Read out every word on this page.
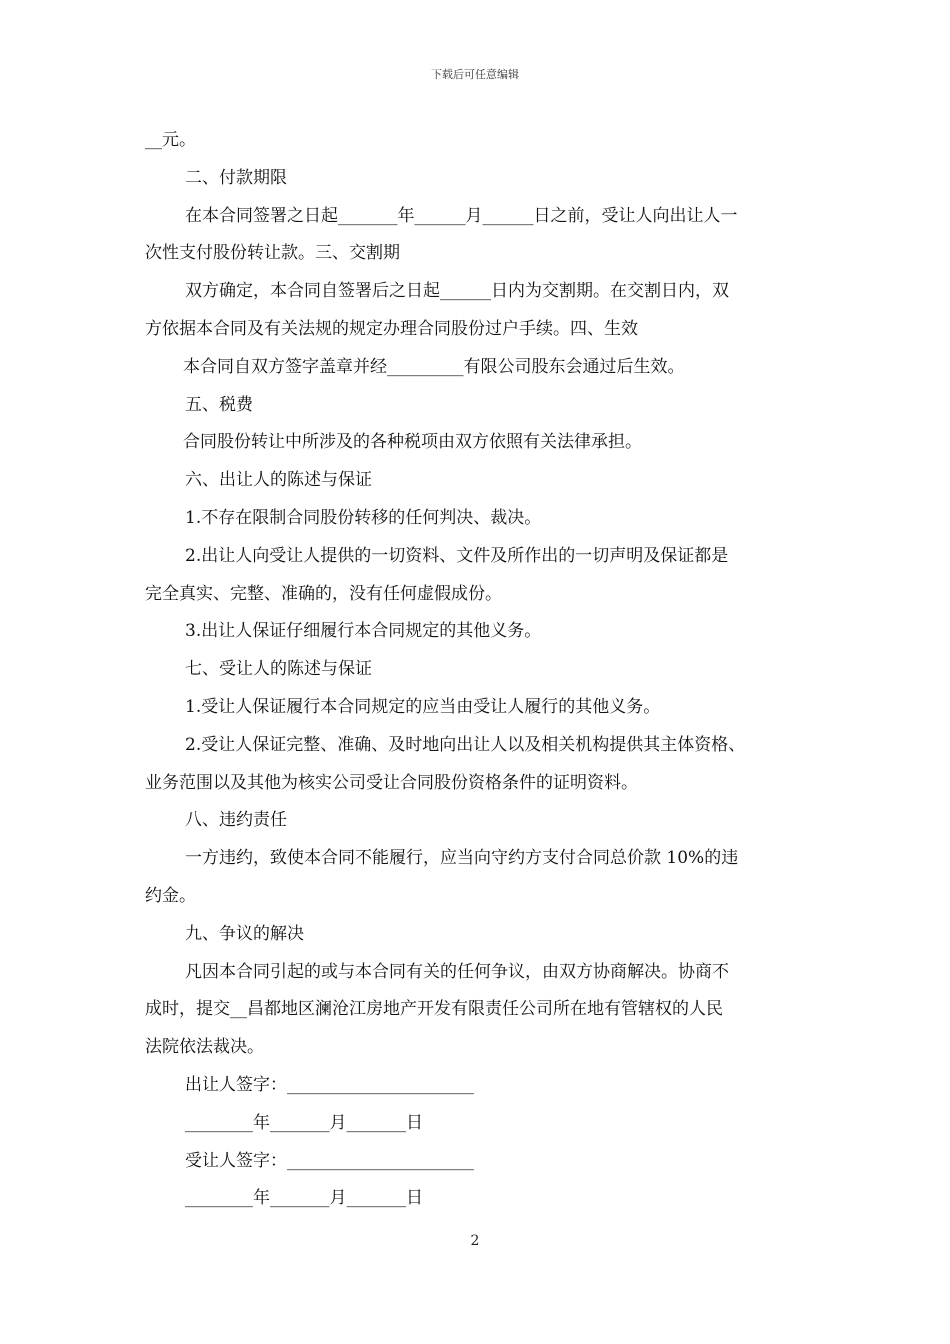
下载后可任意编辑

__元。

二、付款期限

在本合同签署之日起_______年______月______日之前，受让人向出让人一

次性支付股份转让款。三、交割期

双方确定，本合同自签署后之日起______日内为交割期。在交割日内，双

方依据本合同及有关法规的规定办理合同股份过户手续。四、生效

本合同自双方签字盖章并经_________有限公司股东会通过后生效。

五、税费

合同股份转让中所涉及的各种税项由双方依照有关法律承担。

六、出让人的陈述与保证

1.不存在限制合同股份转移的任何判决、裁决。

2.出让人向受让人提供的一切资料、文件及所作出的一切声明及保证都是

完全真实、完整、准确的，没有任何虚假成份。

3.出让人保证仔细履行本合同规定的其他义务。

七、受让人的陈述与保证

1.受让人保证履行本合同规定的应当由受让人履行的其他义务。

2.受让人保证完整、准确、及时地向出让人以及相关机构提供其主体资格、

业务范围以及其他为核实公司受让合同股份资格条件的证明资料。

八、违约责任

一方违约，致使本合同不能履行，应当向守约方支付合同总价款 10%的违

约金。

九、争议的解决

凡因本合同引起的或与本合同有关的任何争议，由双方协商解决。协商不

成时，提交__昌都地区澜沧江房地产开发有限责任公司所在地有管辖权的人民

法院依法裁决。

出让人签字：______________________

________年_______月_______日

受让人签字：______________________

________年_______月_______日

2
